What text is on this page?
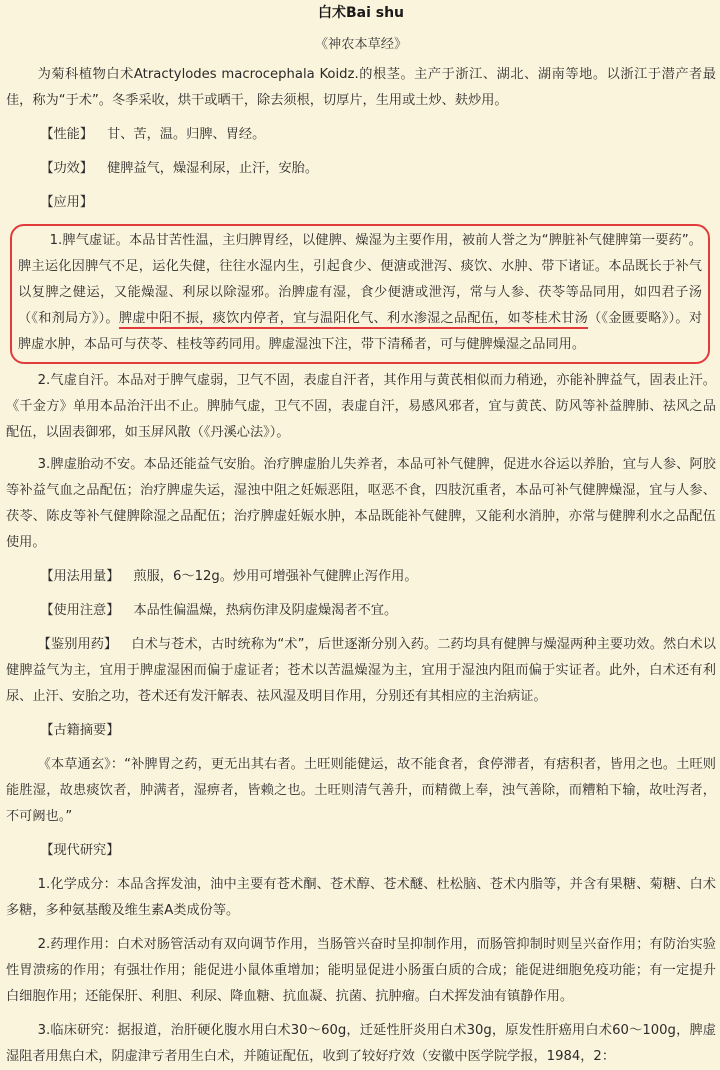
白术Bai shu
《神农本草经》

为菊科植物白术Atractylodes macrocephala Koidz.的根茎。主产于浙江、湖北、湖南等地。以浙江于潜产者最佳，称为“于术”。冬季采收，烘干或晒干，除去须根，切厚片，生用或土炒、麸炒用。

【性能】 甘、苦，温。归脾、胃经。
【功效】 健脾益气，燥湿利尿，止汗，安胎。
【应用】

1.脾气虚证。本品甘苦性温，主归脾胃经，以健脾、燥湿为主要作用，被前人誉之为“脾脏补气健脾第一要药”。脾主运化因脾气不足，运化失健，往往水湿内生，引起食少、便溏或泄泻、痰饮、水肿、带下诸证。本品既长于补气以复脾之健运，又能燥湿、利尿以除湿邪。治脾虚有湿，食少便溏或泄泻，常与人参、茯苓等品同用，如四君子汤（《和剂局方》）。脾虚中阳不振，痰饮内停者，宜与温阳化气、利水渗湿之品配伍，如苓桂术甘汤（《金匮要略》）。对脾虚水肿，本品可与茯苓、桂枝等药同用。脾虚湿浊下注，带下清稀者，可与健脾燥湿之品同用。

2.气虚自汗。本品对于脾气虚弱，卫气不固，表虚自汗者，其作用与黄芪相似而力稍逊，亦能补脾益气，固表止汗。《千金方》单用本品治汗出不止。脾肺气虚，卫气不固，表虚自汗，易感风邪者，宜与黄芪、防风等补益脾肺、祛风之品配伍，以固表御邪，如玉屏风散（《丹溪心法》）。

3.脾虚胎动不安。本品还能益气安胎。治疗脾虚胎儿失养者，本品可补气健脾，促进水谷运以养胎，宜与人参、阿胶等补益气血之品配伍；治疗脾虚失运，湿浊中阻之妊娠恶阻，呕恶不食，四肢沉重者，本品可补气健脾燥湿，宜与人参、茯苓、陈皮等补气健脾除湿之品配伍；治疗脾虚妊娠水肿，本品既能补气健脾，又能利水消肿，亦常与健脾利水之品配伍使用。

【用法用量】 煎服，6～12g。炒用可增强补气健脾止泻作用。
【使用注意】 本品性偏温燥，热病伤津及阴虚燥渴者不宜。

【鉴别用药】 白术与苍术，古时统称为“术”，后世逐渐分别入药。二药均具有健脾与燥湿两种主要功效。然白术以健脾益气为主，宜用于脾虚湿困而偏于虚证者；苍术以苦温燥湿为主，宜用于湿浊内阻而偏于实证者。此外，白术还有利尿、止汗、安胎之功，苍术还有发汗解表、祛风湿及明目作用，分别还有其相应的主治病证。

【古籍摘要】

《本草通玄》：“补脾胃之药，更无出其右者。土旺则能健运，故不能食者，食停滞者，有痞积者，皆用之也。土旺则能胜湿，故患痰饮者，肿满者，湿痹者，皆赖之也。土旺则清气善升，而精微上奉，浊气善除，而糟粕下输，故吐泻者，不可阙也。”

【现代研究】

1.化学成分：本品含挥发油，油中主要有苍术酮、苍术醇、苍术醚、杜松脑、苍术内脂等，并含有果糖、菊糖、白术多糖，多种氨基酸及维生素A类成份等。

2.药理作用：白术对肠管活动有双向调节作用，当肠管兴奋时呈抑制作用，而肠管抑制时则呈兴奋作用；有防治实验性胃溃疡的作用；有强壮作用；能促进小鼠体重增加；能明显促进小肠蛋白质的合成；能促进细胞免疫功能；有一定提升白细胞作用；还能保肝、利胆、利尿、降血糖、抗血凝、抗菌、抗肿瘤。白术挥发油有镇静作用。

3.临床研究：据报道，治肝硬化腹水用白术30～60g，迁延性肝炎用白术30g，原发性肝癌用白术60～100g，脾虚湿阻者用焦白术，阴虚津亏者用生白术，并随证配伍，收到了较好疗效（安徽中医学院学报，1984，2：
